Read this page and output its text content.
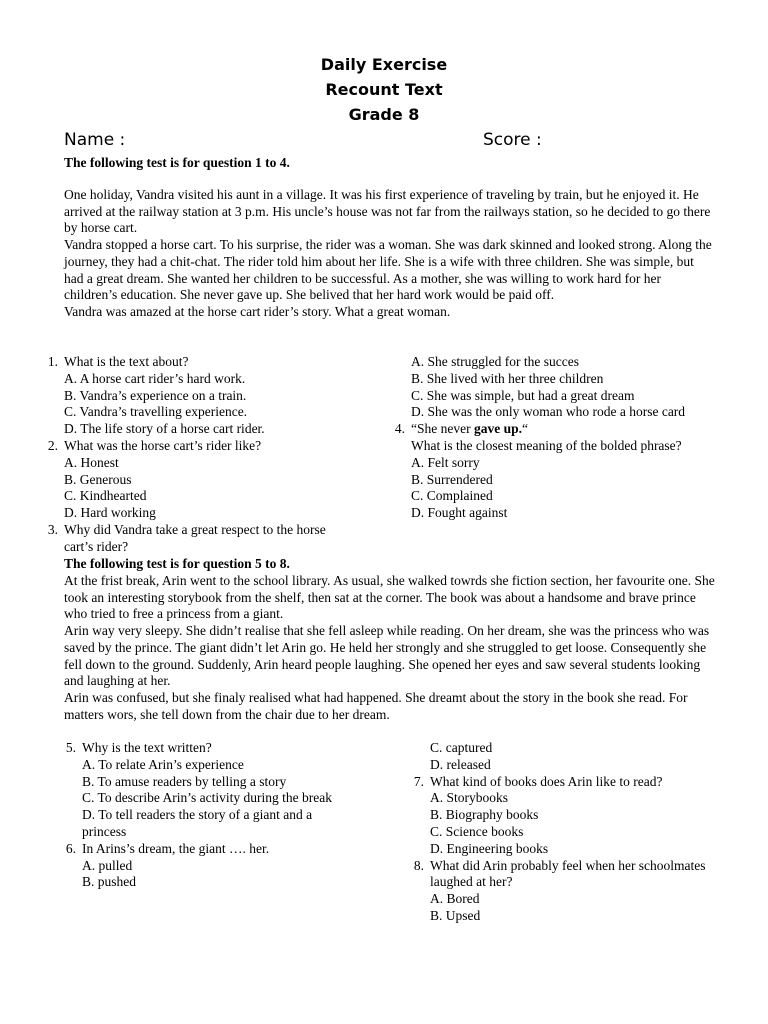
Daily Exercise
Recount Text
Grade 8
Name :	Score :
The following test is for question 1 to 4.

One holiday, Vandra visited his aunt in a village. It was his first experience of traveling by train, but he enjoyed it. He arrived at the railway station at 3 p.m. His uncle’s house was not far from the railways station, so he decided to go there by horse cart.

Vandra stopped a horse cart. To his surprise, the rider was a woman. She was dark skinned and looked strong. Along the journey, they had a chit-chat. The rider told him about her life. She is a wife with three children. She was simple, but had a great dream. She wanted her children to be successful. As a mother, she was willing to work hard for her children’s education. She never gave up. She belived that her hard work would be paid off.

Vandra was amazed at the horse cart rider’s story. What a great woman.

1. What is the text about?
A. A horse cart rider’s hard work.
B. Vandra’s experience on a train.
C. Vandra’s travelling experience.
D. The life story of a horse cart rider.
2. What was the horse cart’s rider like?
A. Honest
B. Generous
C. Kindhearted
D. Hard working
3. Why did Vandra take a great respect to the horse cart’s rider?
A. She struggled for the succes
B. She lived with her three children
C. She was simple, but had a great dream
D. She was the only woman who rode a horse card
4. “She never gave up.“
What is the closest meaning of the bolded phrase?
A. Felt sorry
B. Surrendered
C. Complained
D. Fought against
The following test is for question 5 to 8.

At the frist break, Arin went to the school library. As usual, she walked towrds she fiction section, her favourite one. She took an interesting storybook from the shelf, then sat at the corner. The book was about a handsome and brave prince who tried to free a princess from a giant.

Arin way very sleepy. She didn’t realise that she fell asleep while reading. On her dream, she was the princess who was saved by the prince. The giant didn’t let Arin go. He held her strongly and she struggled to get loose. Consequently she fell down to the ground. Suddenly, Arin heard people laughing. She opened her eyes and saw several students looking and laughing at her.

Arin was confused, but she finaly realised what had happened. She dreamt about the story in the book she read. For matters wors, she tell down from the chair due to her dream.

5. Why is the text written?
A. To relate Arin’s experience
B. To amuse readers by telling a story
C. To describe Arin’s activity during the break
D. To tell readers the story of a giant and a princess
6. In Arins’s dream, the giant …. her.
A. pulled
B. pushed
C. captured
D. released
7. What kind of books does Arin like to read?
A. Storybooks
B. Biography books
C. Science books
D. Engineering books
8. What did Arin probably feel when her schoolmates laughed at her?
A. Bored
B. Upsed
